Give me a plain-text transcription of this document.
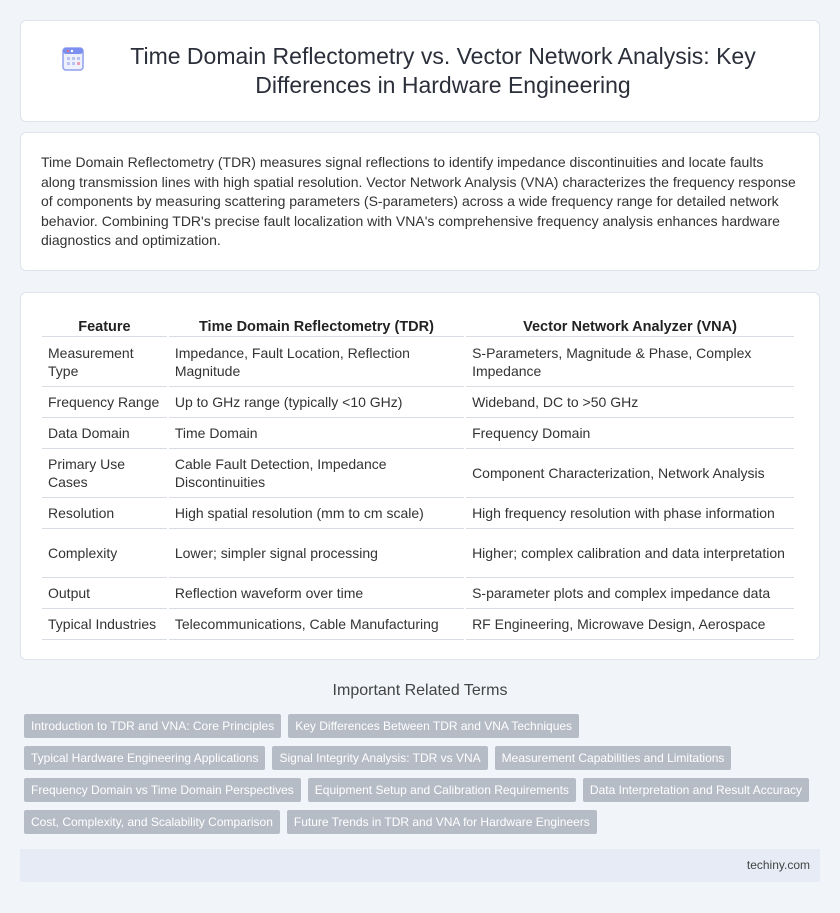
Time Domain Reflectometry vs. Vector Network Analysis: Key Differences in Hardware Engineering

Time Domain Reflectometry (TDR) measures signal reflections to identify impedance discontinuities and locate faults along transmission lines with high spatial resolution. Vector Network Analysis (VNA) characterizes the frequency response of components by measuring scattering parameters (S-parameters) across a wide frequency range for detailed network behavior. Combining TDR's precise fault localization with VNA's comprehensive frequency analysis enhances hardware diagnostics and optimization.

Feature	Time Domain Reflectometry (TDR)	Vector Network Analyzer (VNA)
Measurement Type	Impedance, Fault Location, Reflection Magnitude	S-Parameters, Magnitude & Phase, Complex Impedance
Frequency Range	Up to GHz range (typically <10 GHz)	Wideband, DC to >50 GHz
Data Domain	Time Domain	Frequency Domain
Primary Use Cases	Cable Fault Detection, Impedance Discontinuities	Component Characterization, Network Analysis
Resolution	High spatial resolution (mm to cm scale)	High frequency resolution with phase information
Complexity	Lower; simpler signal processing	Higher; complex calibration and data interpretation
Output	Reflection waveform over time	S-parameter plots and complex impedance data
Typical Industries	Telecommunications, Cable Manufacturing	RF Engineering, Microwave Design, Aerospace
Important Related Terms
Introduction to TDR and VNA: Core Principles	Key Differences Between TDR and VNA Techniques
Typical Hardware Engineering Applications	Signal Integrity Analysis: TDR vs VNA	Measurement Capabilities and Limitations
Frequency Domain vs Time Domain Perspectives	Equipment Setup and Calibration Requirements	Data Interpretation and Result Accuracy
Cost, Complexity, and Scalability Comparison	Future Trends in TDR and VNA for Hardware Engineers
techiny.com
